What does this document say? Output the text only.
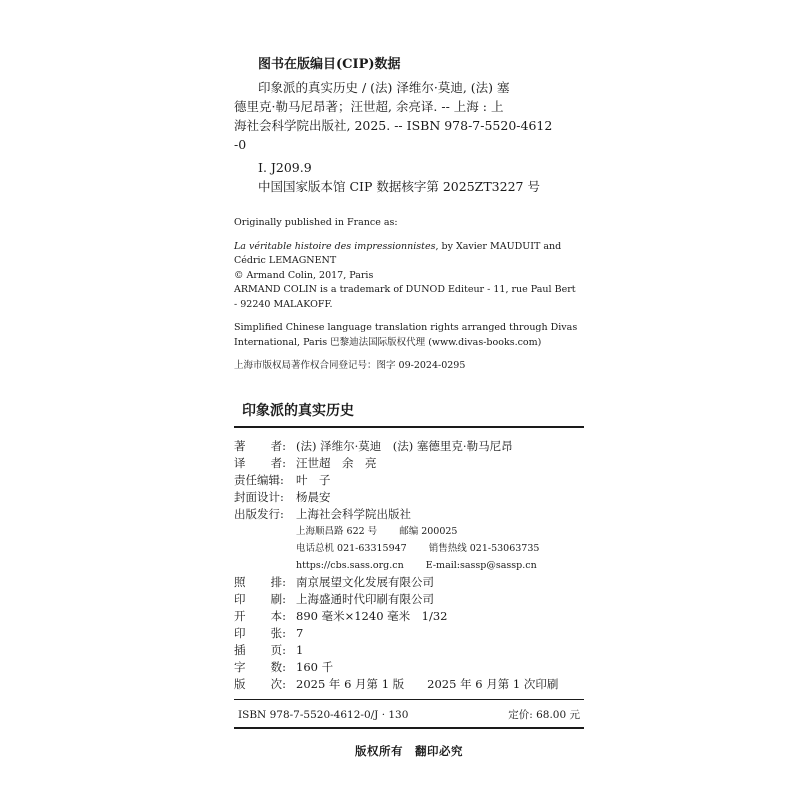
图书在版编目(CIP)数据
印象派的真实历史 / (法) 泽维尔·莫迪, (法) 塞
德里克·勒马尼昂著；汪世超, 余亮译. -- 上海 : 上
海社会科学院出版社, 2025. -- ISBN 978-7-5520-4612
-0
Ⅰ. J209.9
中国国家版本馆 CIP 数据核字第 2025ZT3227 号
Originally published in France as:
La véritable histoire des impressionnistes, by Xavier MAUDUIT and
Cédric LEMAGNENT
© Armand Colin, 2017, Paris
ARMAND COLIN is a trademark of DUNOD Editeur - 11, rue Paul Bert
- 92240 MALAKOFF.
Simplified Chinese language translation rights arranged through Divas
International, Paris 巴黎迪法国际版权代理 (www.divas-books.com)
上海市版权局著作权合同登记号：图字 09-2024-0295
印象派的真实历史
著 者: (法) 泽维尔·莫迪　(法) 塞德里克·勒马尼昂
译 者: 汪世超　余　亮
责任编辑:	叶　子
封面设计:	杨晨安
出版发行:	上海社会科学院出版社
上海顺昌路 622 号 邮编 200025
电话总机 021-63315947 销售热线 021-53063735
https://cbs.sass.org.cn E-mail:sassp@sassp.cn
照 排: 南京展望文化发展有限公司
印 刷: 上海盛通时代印刷有限公司
开 本: 890 毫米×1240 毫米　1/32
印 张: 7
插 页: 1
字 数: 160 千
版 次: 2025 年 6 月第 1 版　　2025 年 6 月第 1 次印刷
ISBN 978-7-5520-4612-0/J · 130	定价: 68.00 元
版权所有　翻印必究
